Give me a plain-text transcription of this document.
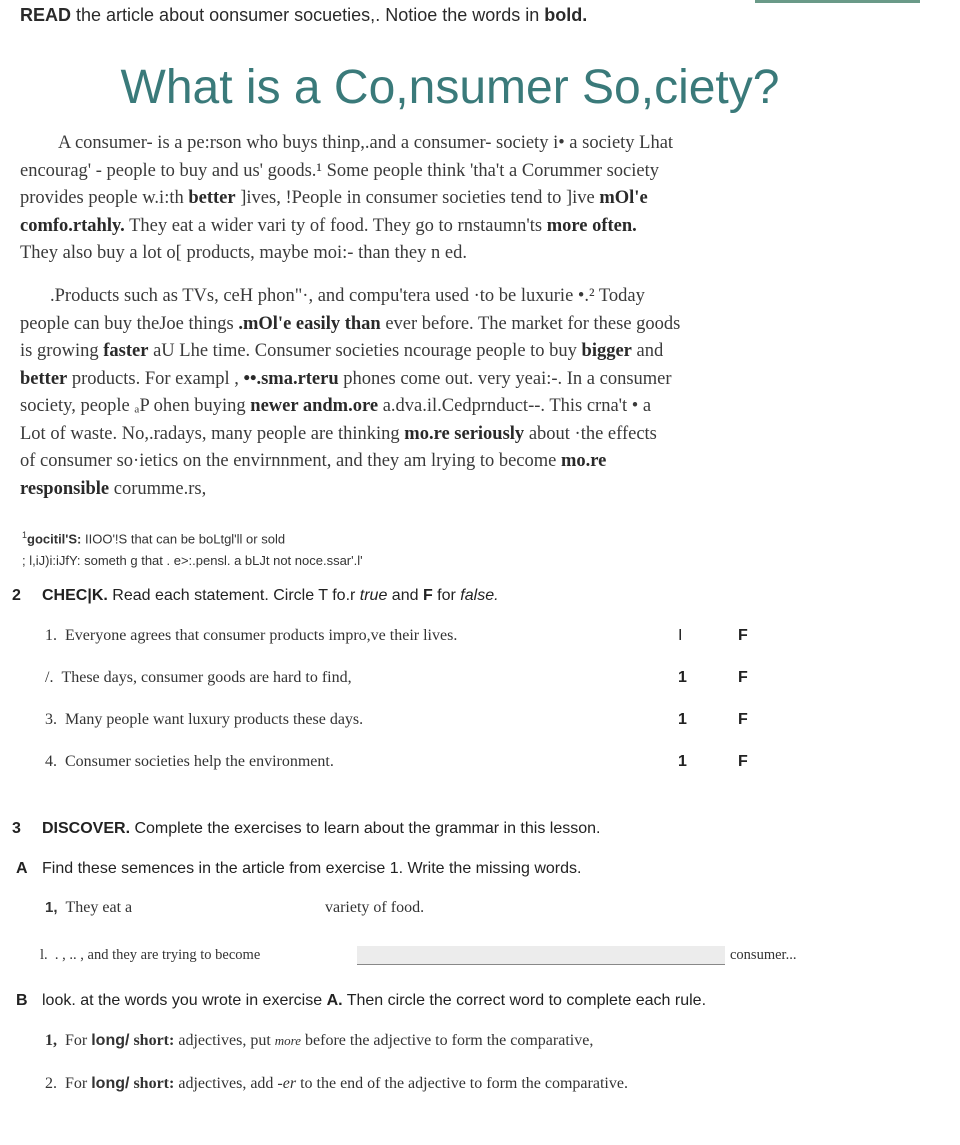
READ the article about oonsumer socueties,. Notioe the words in bold.
What is a Co,nsumer So,ciety?
A consumer- is a pe:rson who buys thinp,.and a consumer- society i• a society Lhat
encourag' - people to buy and us' goods.¹ Some people think 'tha't a Corummer society
provides people w.i:th better ]ives, !People in consumer societies tend to ]ive mOl'e
comfo.rtahly. They eat a wider vari ty of food. They go to rnstaumn'ts more often.
They also buy a lot o[ products, maybe moi:- than they n ed.
.Products such as TVs, ceH phon"·, and compu'tera used ·to be luxurie •.² Today
people can buy theJoe things .mOl'e easily than ever before. The market for these goods
is growing faster aU Lhe time. Consumer societies ncourage people to buy bigger and
better products. For exampl , ••.sma.rteru phones come out. very yeai:-. In a consumer
society, people ₐP ohen buying newer andm.ore a.dva.il.Cedprnduct--. This crna't • a
Lot of waste. No,.radays, many people are thinking mo.re seriously about ·the effects
of consumer so·ietics on the envirnnment, and they am lrying to become mo.re
responsible corumme.rs,
$^1$gocitil'S: IIOO'!S that can be boLtgl'll or sold
; l,iJ)i:iJfY: someth g that . e>:.pensl. a bLJt not noce.ssar'.l'
2 CHEC|K. Read each statement. Circle T fo.r true and F for false.
1. Everyone agrees that consumer products impro,ve their lives.	I	F
/. These days, consumer goods are hard to find,	1	F
3. Many people want luxury products these days.	1	F
4. Consumer societies help the environment.	1	F
3 DISCOVER. Complete the exercises to learn about the grammar in this lesson.
A Find these semences in the article from exercise 1. Write the missing words.
1, They eat a	variety of food.
l. . , .. , and they are trying to become	consumer...
B look. at the words you wrote in exercise A. Then circle the correct word to complete each rule.
1, For long/ short: adjectives, put more before the adjective to form the comparative,
2. For long/ short: adjectives, add -er to the end of the adjective to form the comparative.
